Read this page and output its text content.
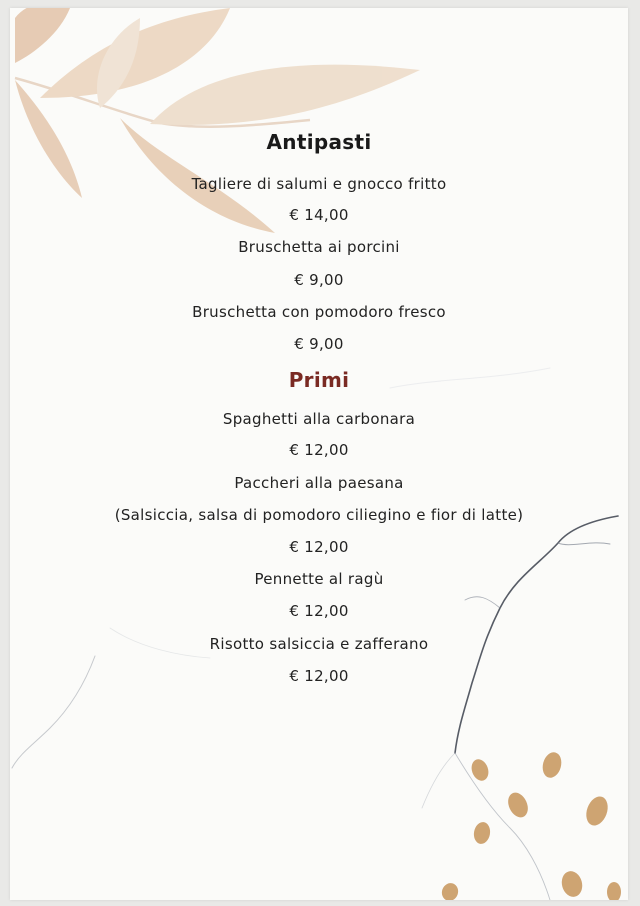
Antipasti
Tagliere di salumi e gnocco fritto
€ 14,00
Bruschetta ai porcini
€ 9,00
Bruschetta con pomodoro fresco
€ 9,00
Primi
Spaghetti alla carbonara
€ 12,00
Paccheri alla paesana
(Salsiccia, salsa di pomodoro ciliegino e fior di latte)
€ 12,00
Pennette al ragù
€ 12,00
Risotto salsiccia e zafferano
€ 12,00
